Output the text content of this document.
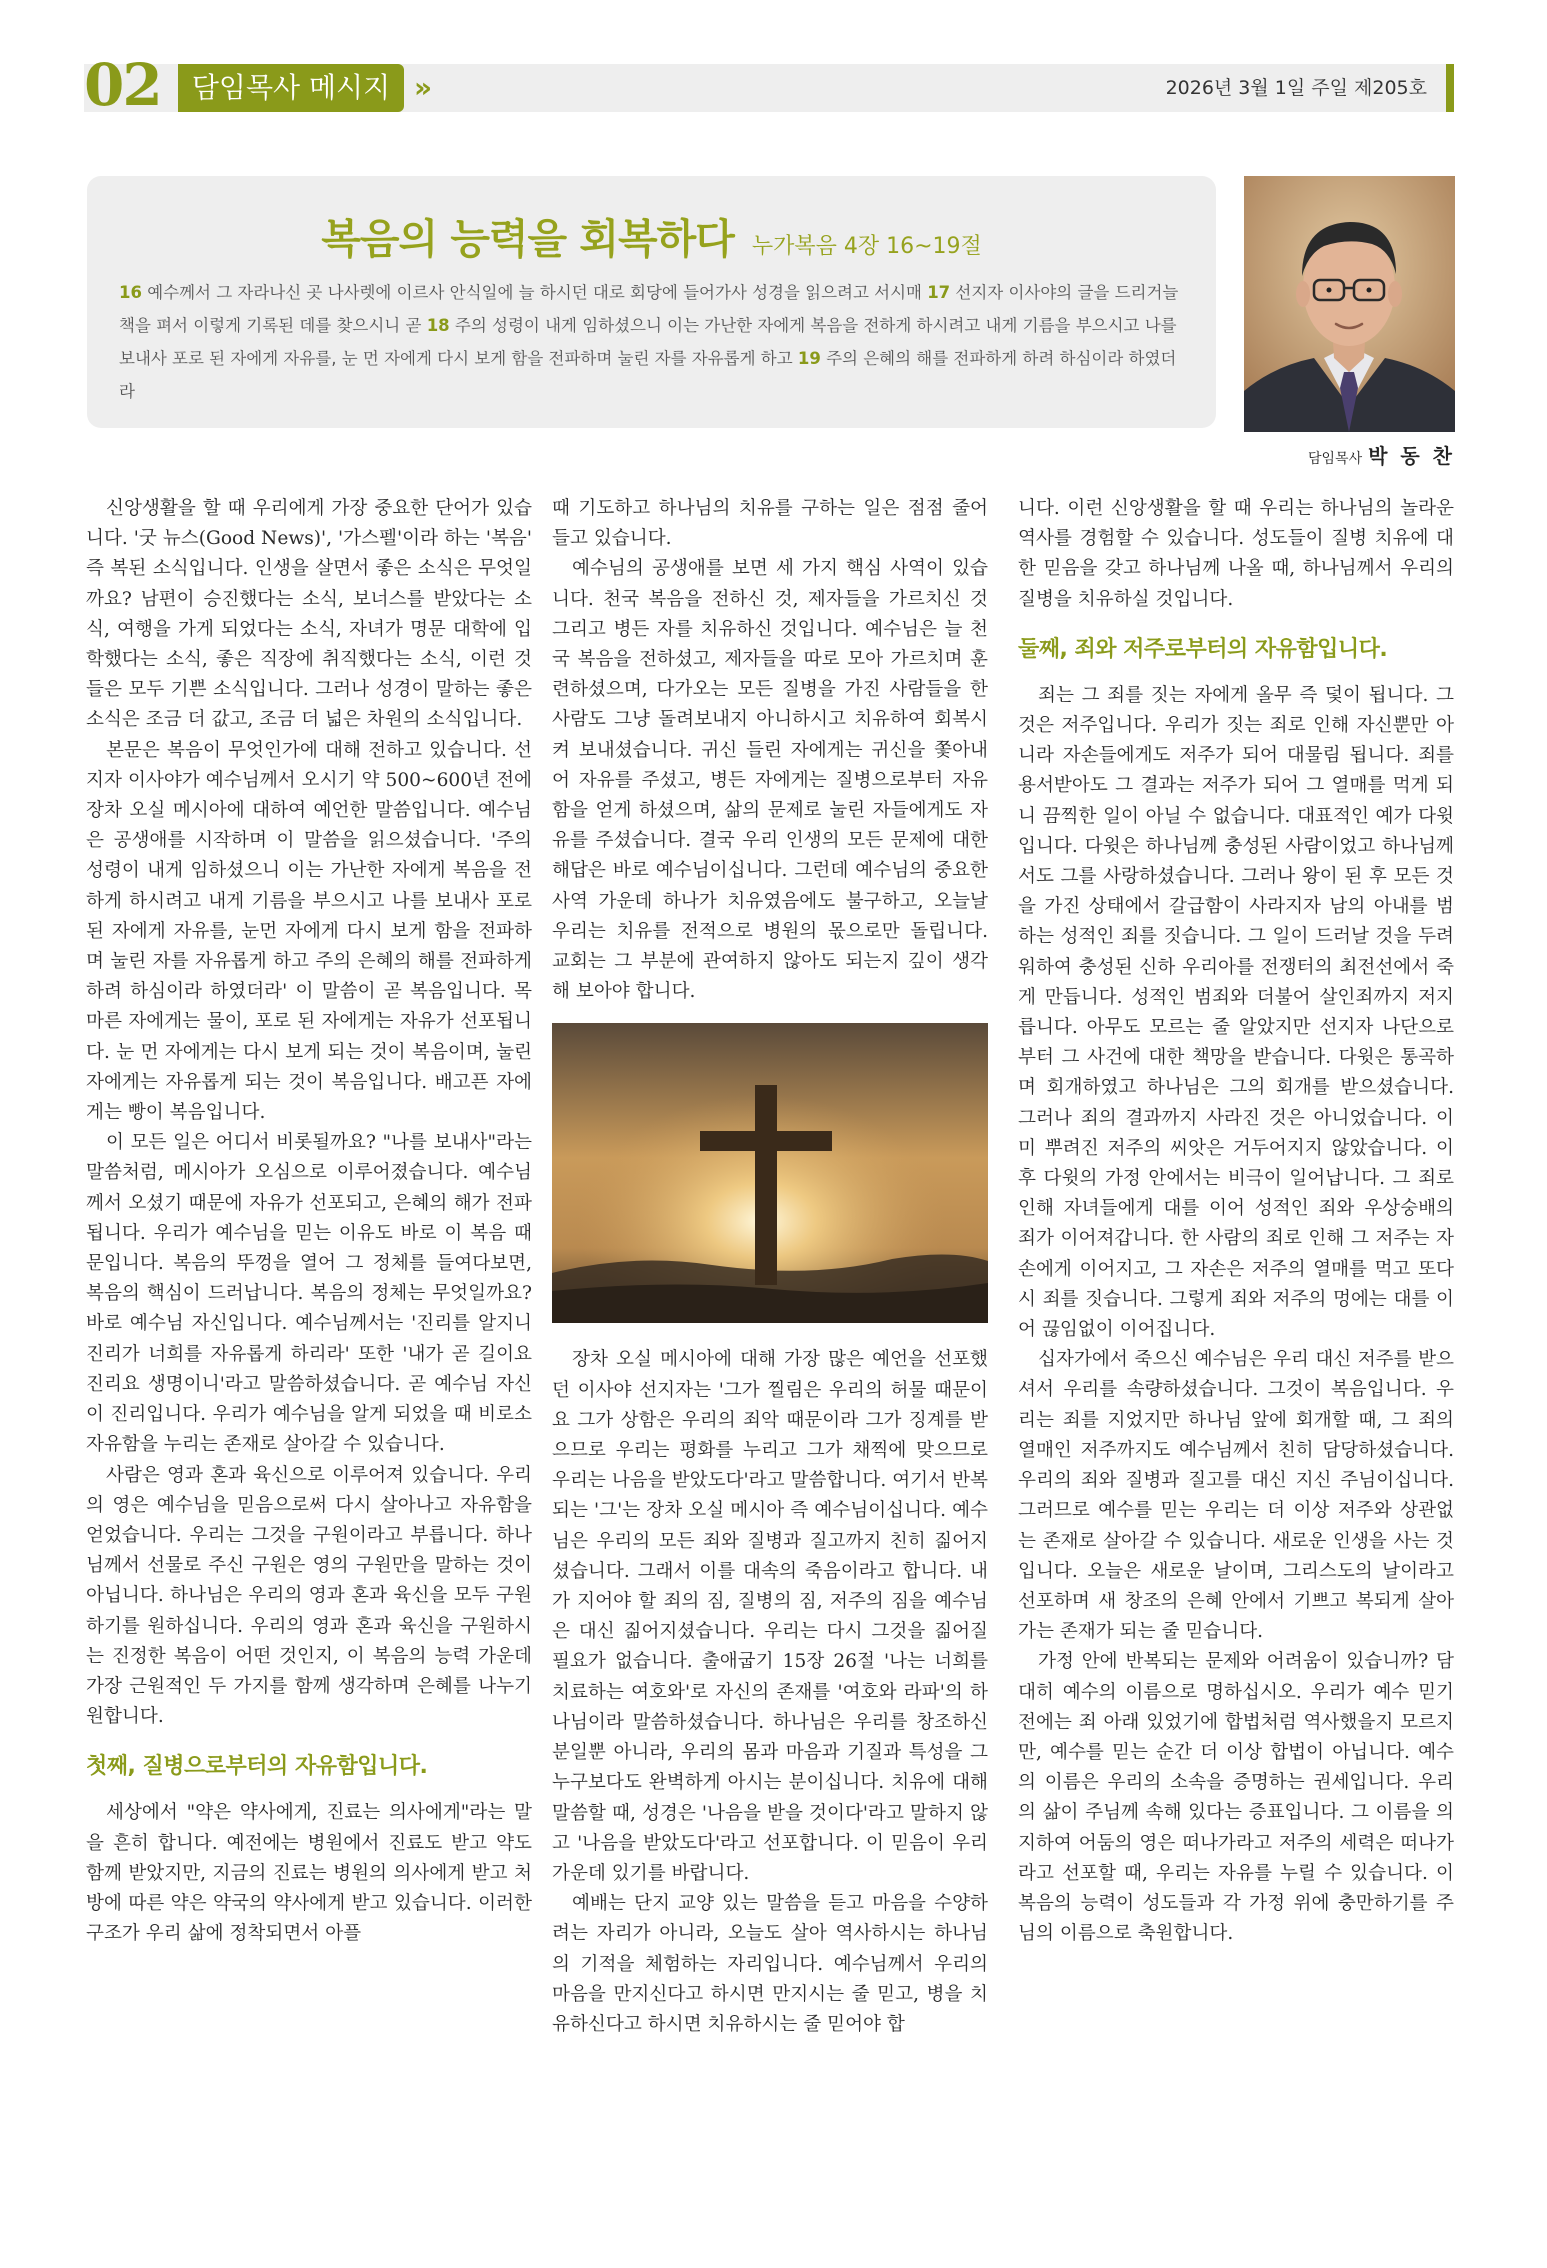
02	담임목사 메시지 »	2026년 3월 1일 주일 제205호
복음의 능력을 회복하다 누가복음 4장 16~19절
16 예수께서 그 자라나신 곳 나사렛에 이르사 안식일에 늘 하시던 대로 회당에 들어가사 성경을 읽으려고 서시매 17 선지자 이사야의 글을 드리거늘 책을 펴서 이렇게 기록된 데를 찾으시니 곧 18 주의 성령이 내게 임하셨으니 이는 가난한 자에게 복음을 전하게 하시려고 내게 기름을 부으시고 나를 보내사 포로 된 자에게 자유를, 눈 먼 자에게 다시 보게 함을 전파하며 눌린 자를 자유롭게 하고 19 주의 은혜의 해를 전파하게 하려 하심이라 하였더라
담임목사 박 동 찬

신앙생활을 할 때 우리에게 가장 중요한 단어가 있습니다. '굿 뉴스(Good News)', '가스펠'이라 하는 '복음' 즉 복된 소식입니다. 인생을 살면서 좋은 소식은 무엇일까요? 남편이 승진했다는 소식, 보너스를 받았다는 소식, 여행을 가게 되었다는 소식, 자녀가 명문 대학에 입학했다는 소식, 좋은 직장에 취직했다는 소식, 이런 것들은 모두 기쁜 소식입니다. 그러나 성경이 말하는 좋은 소식은 조금 더 값고, 조금 더 넓은 차원의 소식입니다.

본문은 복음이 무엇인가에 대해 전하고 있습니다. 선지자 이사야가 예수님께서 오시기 약 500~600년 전에 장차 오실 메시아에 대하여 예언한 말씀입니다. 예수님은 공생애를 시작하며 이 말씀을 읽으셨습니다. '주의 성령이 내게 임하셨으니 이는 가난한 자에게 복음을 전하게 하시려고 내게 기름을 부으시고 나를 보내사 포로 된 자에게 자유를, 눈먼 자에게 다시 보게 함을 전파하며 눌린 자를 자유롭게 하고 주의 은혜의 해를 전파하게 하려 하심이라 하였더라' 이 말씀이 곧 복음입니다. 목마른 자에게는 물이, 포로 된 자에게는 자유가 선포됩니다. 눈 먼 자에게는 다시 보게 되는 것이 복음이며, 눌린 자에게는 자유롭게 되는 것이 복음입니다. 배고픈 자에게는 빵이 복음입니다.

이 모든 일은 어디서 비롯될까요? "나를 보내사"라는 말씀처럼, 메시아가 오심으로 이루어졌습니다. 예수님께서 오셨기 때문에 자유가 선포되고, 은혜의 해가 전파됩니다. 우리가 예수님을 믿는 이유도 바로 이 복음 때문입니다. 복음의 뚜껑을 열어 그 정체를 들여다보면, 복음의 핵심이 드러납니다. 복음의 정체는 무엇일까요? 바로 예수님 자신입니다. 예수님께서는 '진리를 알지니 진리가 너희를 자유롭게 하리라' 또한 '내가 곧 길이요 진리요 생명이니'라고 말씀하셨습니다. 곧 예수님 자신이 진리입니다. 우리가 예수님을 알게 되었을 때 비로소 자유함을 누리는 존재로 살아갈 수 있습니다.

사람은 영과 혼과 육신으로 이루어져 있습니다. 우리의 영은 예수님을 믿음으로써 다시 살아나고 자유함을 얻었습니다. 우리는 그것을 구원이라고 부릅니다. 하나님께서 선물로 주신 구원은 영의 구원만을 말하는 것이 아닙니다. 하나님은 우리의 영과 혼과 육신을 모두 구원하기를 원하십니다. 우리의 영과 혼과 육신을 구원하시는 진정한 복음이 어떤 것인지, 이 복음의 능력 가운데 가장 근원적인 두 가지를 함께 생각하며 은혜를 나누기 원합니다.

첫째, 질병으로부터의 자유함입니다.

세상에서 "약은 약사에게, 진료는 의사에게"라는 말을 흔히 합니다. 예전에는 병원에서 진료도 받고 약도 함께 받았지만, 지금의 진료는 병원의 의사에게 받고 처방에 따른 약은 약국의 약사에게 받고 있습니다. 이러한 구조가 우리 삶에 정착되면서 아플

때 기도하고 하나님의 치유를 구하는 일은 점점 줄어들고 있습니다.

예수님의 공생애를 보면 세 가지 핵심 사역이 있습니다. 천국 복음을 전하신 것, 제자들을 가르치신 것 그리고 병든 자를 치유하신 것입니다. 예수님은 늘 천국 복음을 전하셨고, 제자들을 따로 모아 가르치며 훈련하셨으며, 다가오는 모든 질병을 가진 사람들을 한 사람도 그냥 돌려보내지 아니하시고 치유하여 회복시켜 보내셨습니다. 귀신 들린 자에게는 귀신을 쫓아내어 자유를 주셨고, 병든 자에게는 질병으로부터 자유함을 얻게 하셨으며, 삶의 문제로 눌린 자들에게도 자유를 주셨습니다. 결국 우리 인생의 모든 문제에 대한 해답은 바로 예수님이십니다. 그런데 예수님의 중요한 사역 가운데 하나가 치유였음에도 불구하고, 오늘날 우리는 치유를 전적으로 병원의 몫으로만 돌립니다. 교회는 그 부분에 관여하지 않아도 되는지 깊이 생각해 보아야 합니다.

장차 오실 메시아에 대해 가장 많은 예언을 선포했던 이사야 선지자는 '그가 찔림은 우리의 허물 때문이요 그가 상함은 우리의 죄악 때문이라 그가 징계를 받으므로 우리는 평화를 누리고 그가 채찍에 맞으므로 우리는 나음을 받았도다'라고 말씀합니다. 여기서 반복되는 '그'는 장차 오실 메시아 즉 예수님이십니다. 예수님은 우리의 모든 죄와 질병과 질고까지 친히 짊어지셨습니다. 그래서 이를 대속의 죽음이라고 합니다. 내가 지어야 할 죄의 짐, 질병의 짐, 저주의 짐을 예수님은 대신 짊어지셨습니다. 우리는 다시 그것을 짊어질 필요가 없습니다. 출애굽기 15장 26절 '나는 너희를 치료하는 여호와'로 자신의 존재를 '여호와 라파'의 하나님이라 말씀하셨습니다. 하나님은 우리를 창조하신 분일뿐 아니라, 우리의 몸과 마음과 기질과 특성을 그 누구보다도 완벽하게 아시는 분이십니다. 치유에 대해 말씀할 때, 성경은 '나음을 받을 것이다'라고 말하지 않고 '나음을 받았도다'라고 선포합니다. 이 믿음이 우리 가운데 있기를 바랍니다.

예배는 단지 교양 있는 말씀을 듣고 마음을 수양하려는 자리가 아니라, 오늘도 살아 역사하시는 하나님의 기적을 체험하는 자리입니다. 예수님께서 우리의 마음을 만지신다고 하시면 만지시는 줄 믿고, 병을 치유하신다고 하시면 치유하시는 줄 믿어야 합

니다. 이런 신앙생활을 할 때 우리는 하나님의 놀라운 역사를 경험할 수 있습니다. 성도들이 질병 치유에 대한 믿음을 갖고 하나님께 나올 때, 하나님께서 우리의 질병을 치유하실 것입니다.

둘째, 죄와 저주로부터의 자유함입니다.

죄는 그 죄를 짓는 자에게 올무 즉 덫이 됩니다. 그것은 저주입니다. 우리가 짓는 죄로 인해 자신뿐만 아니라 자손들에게도 저주가 되어 대물림 됩니다. 죄를 용서받아도 그 결과는 저주가 되어 그 열매를 먹게 되니 끔찍한 일이 아닐 수 없습니다. 대표적인 예가 다윗입니다. 다윗은 하나님께 충성된 사람이었고 하나님께서도 그를 사랑하셨습니다. 그러나 왕이 된 후 모든 것을 가진 상태에서 갈급함이 사라지자 남의 아내를 범하는 성적인 죄를 짓습니다. 그 일이 드러날 것을 두려워하여 충성된 신하 우리아를 전쟁터의 최전선에서 죽게 만듭니다. 성적인 범죄와 더불어 살인죄까지 저지릅니다. 아무도 모르는 줄 알았지만 선지자 나단으로부터 그 사건에 대한 책망을 받습니다. 다윗은 통곡하며 회개하였고 하나님은 그의 회개를 받으셨습니다. 그러나 죄의 결과까지 사라진 것은 아니었습니다. 이미 뿌려진 저주의 씨앗은 거두어지지 않았습니다. 이후 다윗의 가정 안에서는 비극이 일어납니다. 그 죄로 인해 자녀들에게 대를 이어 성적인 죄와 우상숭배의 죄가 이어져갑니다. 한 사람의 죄로 인해 그 저주는 자손에게 이어지고, 그 자손은 저주의 열매를 먹고 또다시 죄를 짓습니다. 그렇게 죄와 저주의 멍에는 대를 이어 끊임없이 이어집니다.

십자가에서 죽으신 예수님은 우리 대신 저주를 받으셔서 우리를 속량하셨습니다. 그것이 복음입니다. 우리는 죄를 지었지만 하나님 앞에 회개할 때, 그 죄의 열매인 저주까지도 예수님께서 친히 담당하셨습니다. 우리의 죄와 질병과 질고를 대신 지신 주님이십니다. 그러므로 예수를 믿는 우리는 더 이상 저주와 상관없는 존재로 살아갈 수 있습니다. 새로운 인생을 사는 것입니다. 오늘은 새로운 날이며, 그리스도의 날이라고 선포하며 새 창조의 은혜 안에서 기쁘고 복되게 살아가는 존재가 되는 줄 믿습니다.

가정 안에 반복되는 문제와 어려움이 있습니까? 담대히 예수의 이름으로 명하십시오. 우리가 예수 믿기 전에는 죄 아래 있었기에 합법처럼 역사했을지 모르지만, 예수를 믿는 순간 더 이상 합법이 아닙니다. 예수의 이름은 우리의 소속을 증명하는 권세입니다. 우리의 삶이 주님께 속해 있다는 증표입니다. 그 이름을 의지하여 어둠의 영은 떠나가라고 저주의 세력은 떠나가라고 선포할 때, 우리는 자유를 누릴 수 있습니다. 이 복음의 능력이 성도들과 각 가정 위에 충만하기를 주님의 이름으로 축원합니다.
